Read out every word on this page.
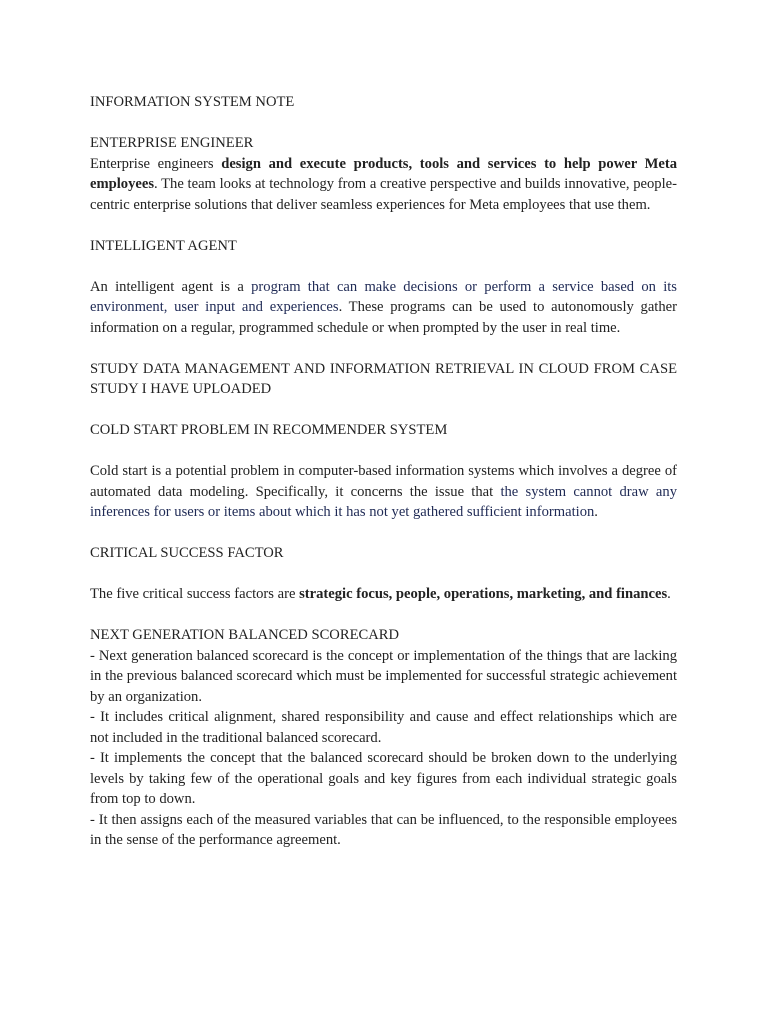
INFORMATION SYSTEM NOTE

ENTERPRISE ENGINEER

Enterprise engineers design and execute products, tools and services to help power Meta employees. The team looks at technology from a creative perspective and builds innovative, people-centric enterprise solutions that deliver seamless experiences for Meta employees that use them.

INTELLIGENT AGENT

An intelligent agent is a program that can make decisions or perform a service based on its environment, user input and experiences. These programs can be used to autonomously gather information on a regular, programmed schedule or when prompted by the user in real time.

STUDY DATA MANAGEMENT AND INFORMATION RETRIEVAL IN CLOUD FROM CASE STUDY I HAVE UPLOADED

COLD START PROBLEM IN RECOMMENDER SYSTEM

Cold start is a potential problem in computer-based information systems which involves a degree of automated data modeling. Specifically, it concerns the issue that the system cannot draw any inferences for users or items about which it has not yet gathered sufficient information.

CRITICAL SUCCESS FACTOR

The five critical success factors are strategic focus, people, operations, marketing, and finances.

NEXT GENERATION BALANCED SCORECARD

- Next generation balanced scorecard is the concept or implementation of the things that are lacking in the previous balanced scorecard which must be implemented for successful strategic achievement by an organization.

- It includes critical alignment, shared responsibility and cause and effect relationships which are not included in the traditional balanced scorecard.

- It implements the concept that the balanced scorecard should be broken down to the underlying levels by taking few of the operational goals and key figures from each individual strategic goals from top to down.

- It then assigns each of the measured variables that can be influenced, to the responsible employees in the sense of the performance agreement.
